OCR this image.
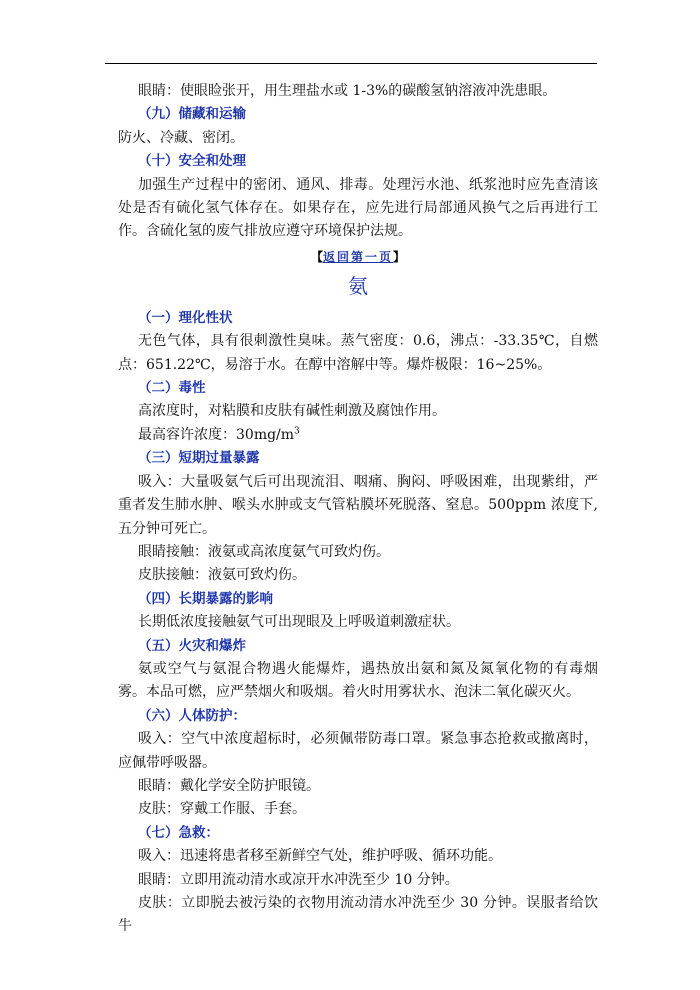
眼睛：使眼睑张开，用生理盐水或 1-3%的碳酸氢钠溶液冲洗患眼。
（九）储藏和运输
防火、冷藏、密闭。
（十）安全和处理
加强生产过程中的密闭、通风、排毒。处理污水池、纸浆池时应先查清该处是否有硫化氢气体存在。如果存在，应先进行局部通风换气之后再进行工作。含硫化氢的废气排放应遵守环境保护法规。
【返回第一页】
氨
（一）理化性状
无色气体，具有很刺激性臭味。蒸气密度：0.6，沸点：-33.35℃，自燃点：651.22℃，易溶于水。在醇中溶解中等。爆炸极限：16~25%。
（二）毒性
高浓度时，对粘膜和皮肤有碱性刺激及腐蚀作用。
最高容许浓度：$30mg/m^3$
（三）短期过量暴露
吸入：大量吸氨气后可出现流泪、咽痛、胸闷、呼吸困难，出现紫绀，严重者发生肺水肿、喉头水肿或支气管粘膜坏死脱落、窒息。500ppm 浓度下,五分钟可死亡。
眼睛接触：液氨或高浓度氨气可致灼伤。
皮肤接触：液氨可致灼伤。
（四）长期暴露的影响
长期低浓度接触氨气可出现眼及上呼吸道刺激症状。
（五）火灾和爆炸
氨或空气与氨混合物遇火能爆炸，遇热放出氨和氮及氮氧化物的有毒烟雾。本品可燃，应严禁烟火和吸烟。着火时用雾状水、泡沫二氧化碳灭火。
（六）人体防护：
吸入：空气中浓度超标时，必须佩带防毒口罩。紧急事态抢救或撤离时，应佩带呼吸器。
眼睛：戴化学安全防护眼镜。
皮肤：穿戴工作服、手套。
（七）急救：
吸入：迅速将患者移至新鲜空气处，维护呼吸、循环功能。
眼睛：立即用流动清水或凉开水冲洗至少 10 分钟。
皮肤：立即脱去被污染的衣物用流动清水冲洗至少 30 分钟。误服者给饮牛
